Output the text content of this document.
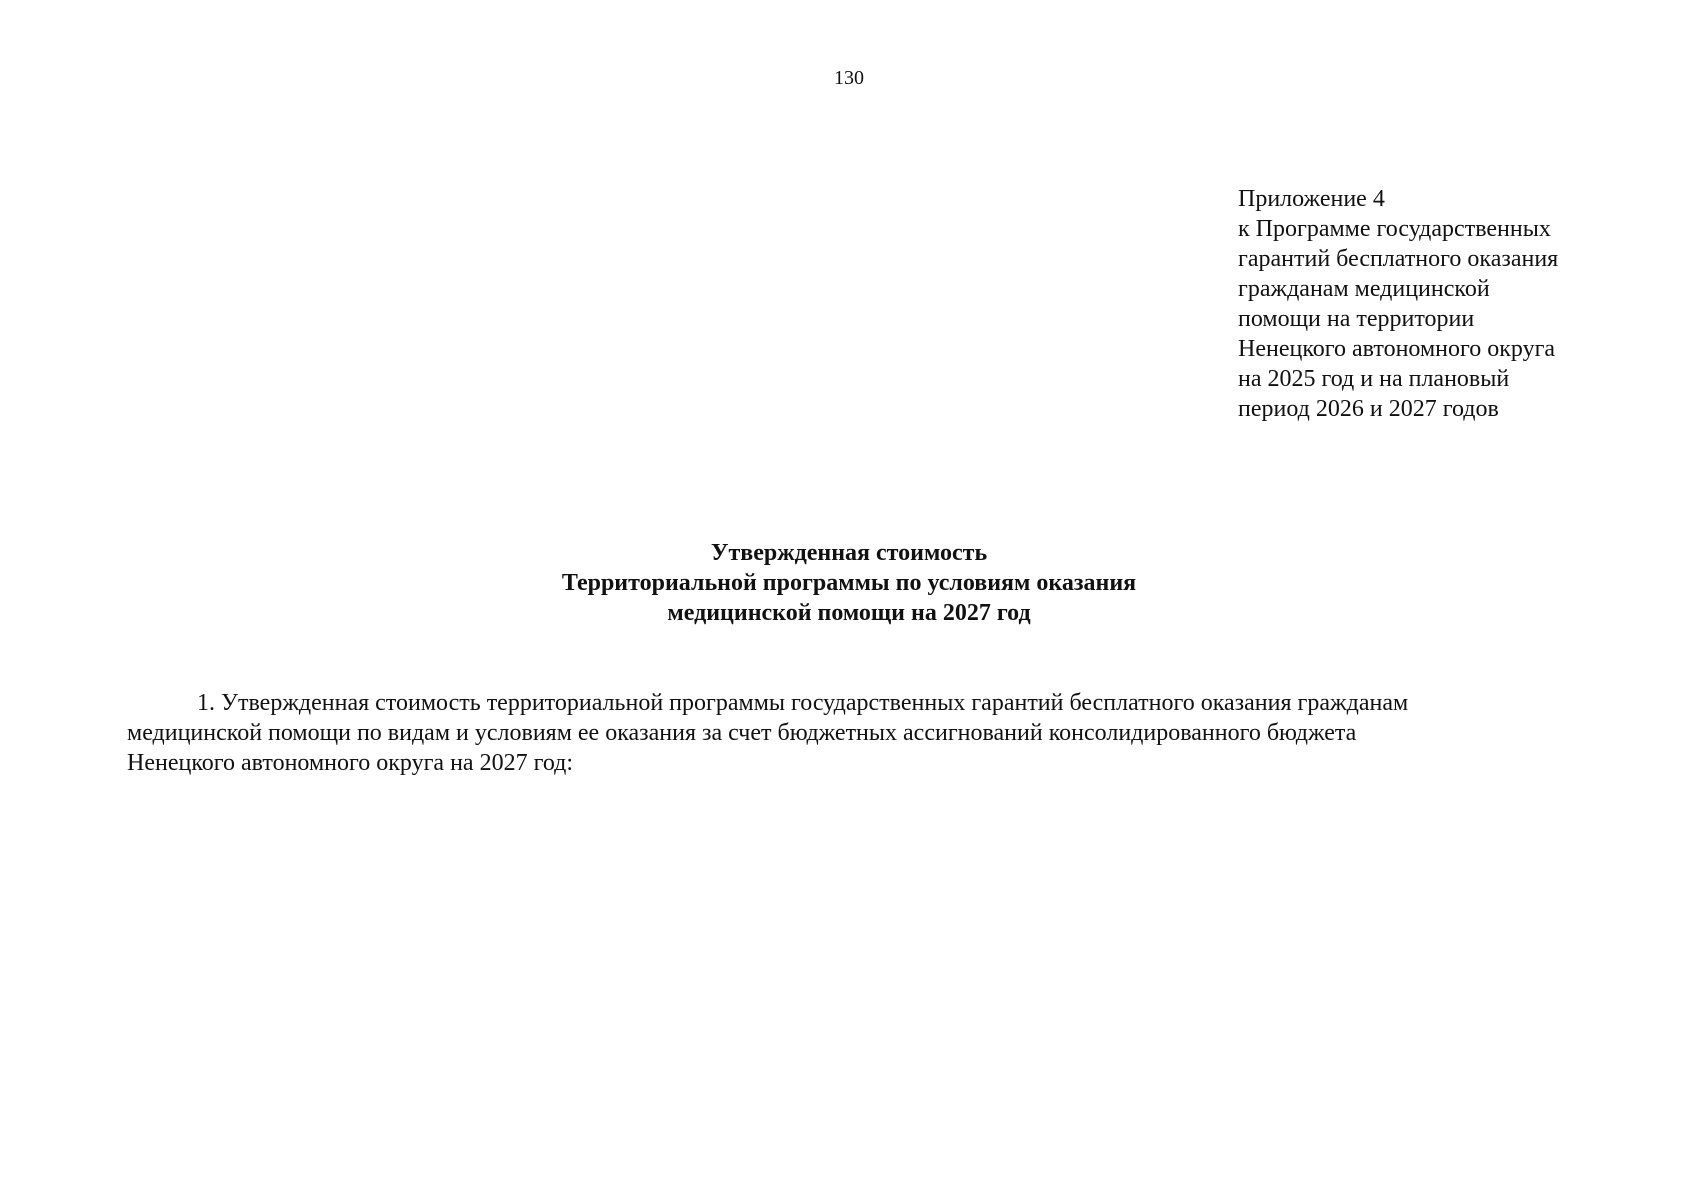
130
Приложение 4
к Программе государственных
гарантий бесплатного оказания
гражданам медицинской
помощи на территории
Ненецкого автономного округа
на 2025 год и на плановый
период 2026 и 2027 годов
Утвержденная стоимость
Территориальной программы по условиям оказания
медицинской помощи на 2027 год
1. Утвержденная стоимость территориальной программы государственных гарантий бесплатного оказания гражданам
медицинской помощи по видам и условиям ее оказания за счет бюджетных ассигнований консолидированного бюджета
Ненецкого автономного округа на 2027 год:
